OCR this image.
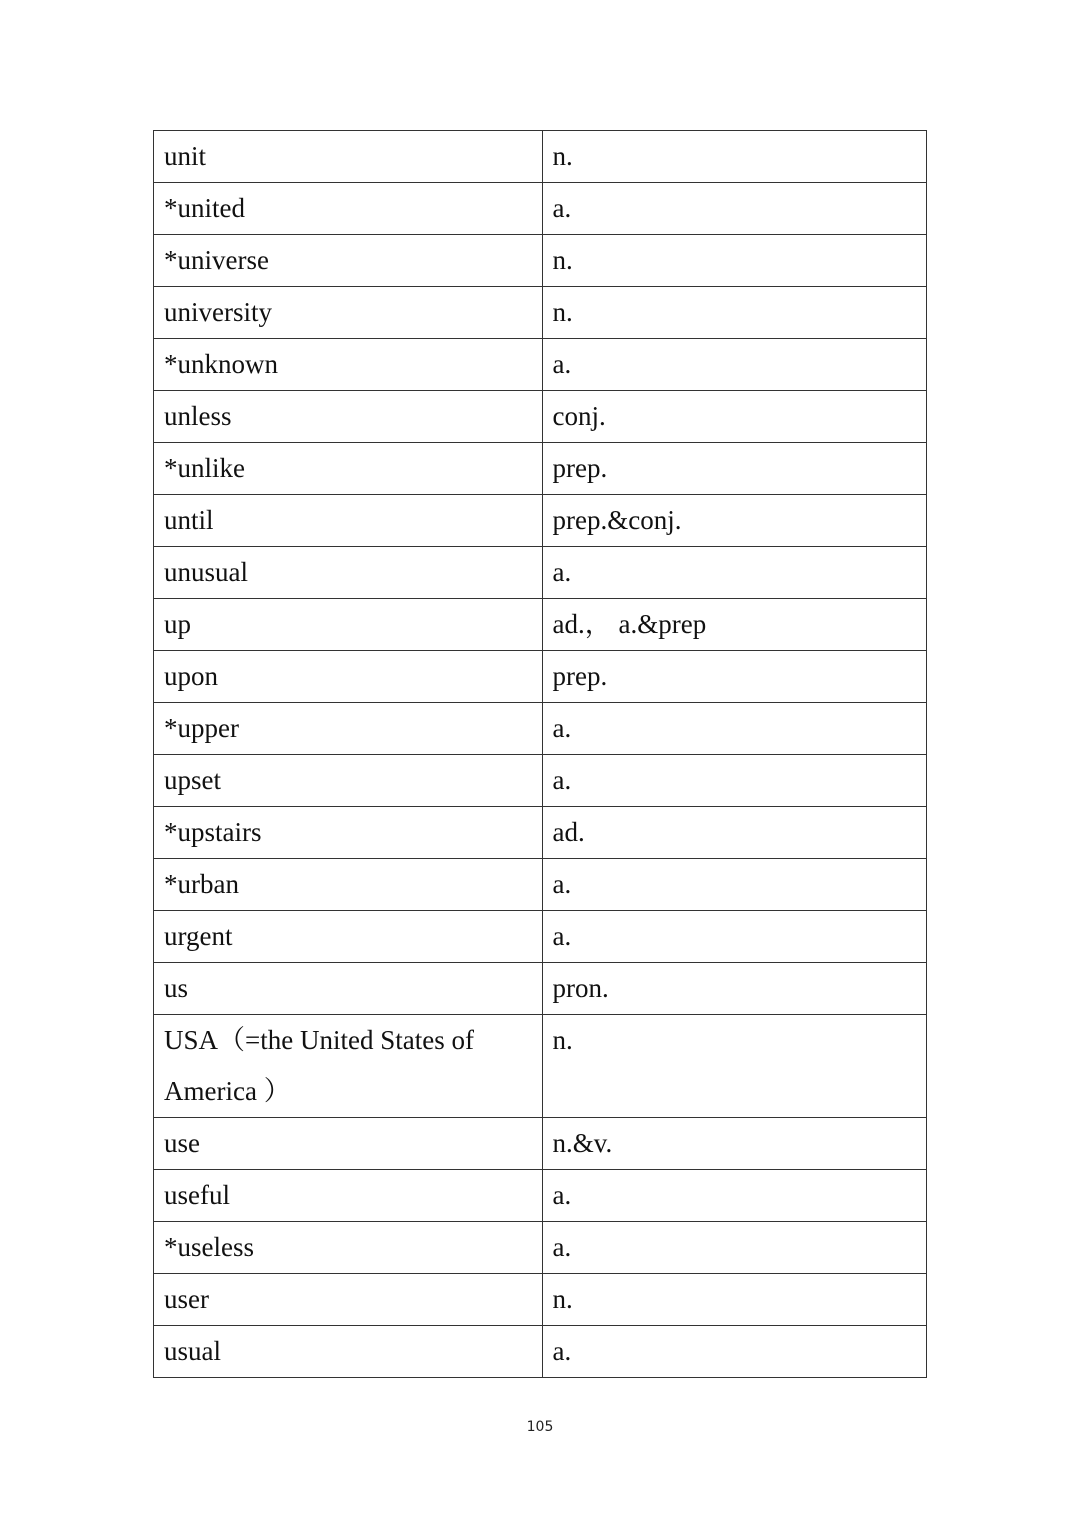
unit	n.
*united	a.
*universe	n.
university	n.
*unknown	a.
unless	conj.
*unlike	prep.
until	prep.&conj.
unusual	a.
up	ad.， a.&prep
upon	prep.
*upper	a.
upset	a.
*upstairs	ad.
*urban	a.
urgent	a.
us	pron.
USA（=the United States of America ）	n.
use	n.&v.
useful	a.
*useless	a.
user	n.
usual	a.
105
